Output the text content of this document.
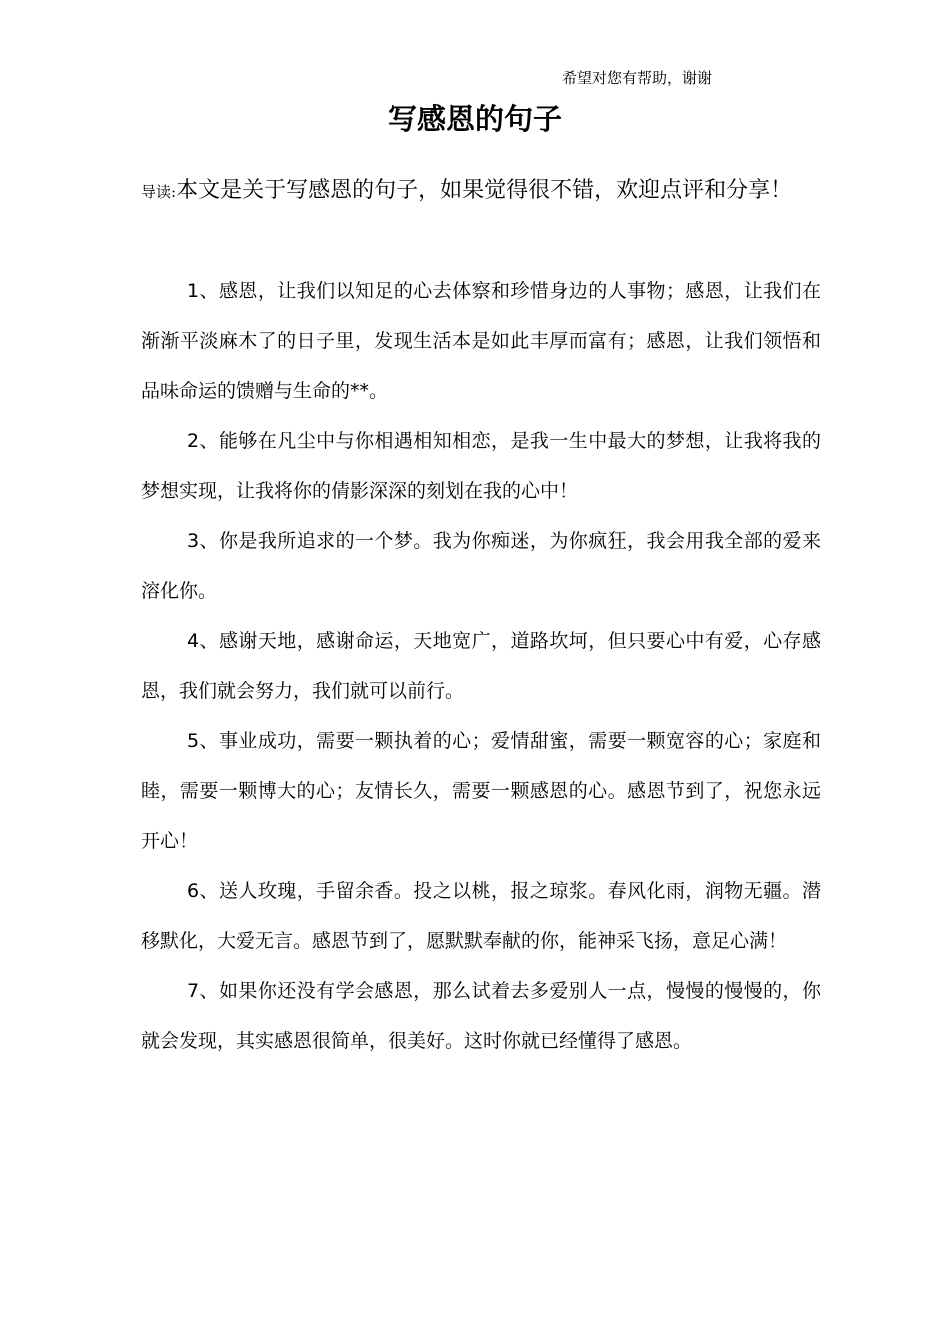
希望对您有帮助，谢谢
写感恩的句子

导读:本文是关于写感恩的句子，如果觉得很不错，欢迎点评和分享！

1、感恩，让我们以知足的心去体察和珍惜身边的人事物；感恩，让我们在渐渐平淡麻木了的日子里，发现生活本是如此丰厚而富有；感恩，让我们领悟和品味命运的馈赠与生命的**。

2、能够在凡尘中与你相遇相知相恋，是我一生中最大的梦想，让我将我的梦想实现，让我将你的倩影深深的刻划在我的心中！

3、你是我所追求的一个梦。我为你痴迷，为你疯狂，我会用我全部的爱来溶化你。

4、感谢天地，感谢命运，天地宽广，道路坎坷，但只要心中有爱，心存感恩，我们就会努力，我们就可以前行。

5、事业成功，需要一颗执着的心；爱情甜蜜，需要一颗宽容的心；家庭和睦，需要一颗博大的心；友情长久，需要一颗感恩的心。感恩节到了，祝您永远开心！

6、送人玫瑰，手留余香。投之以桃，报之琼浆。春风化雨，润物无疆。潜移默化，大爱无言。感恩节到了，愿默默奉献的你，能神采飞扬，意足心满！

7、如果你还没有学会感恩，那么试着去多爱别人一点，慢慢的慢慢的，你就会发现，其实感恩很简单，很美好。这时你就已经懂得了感恩。
